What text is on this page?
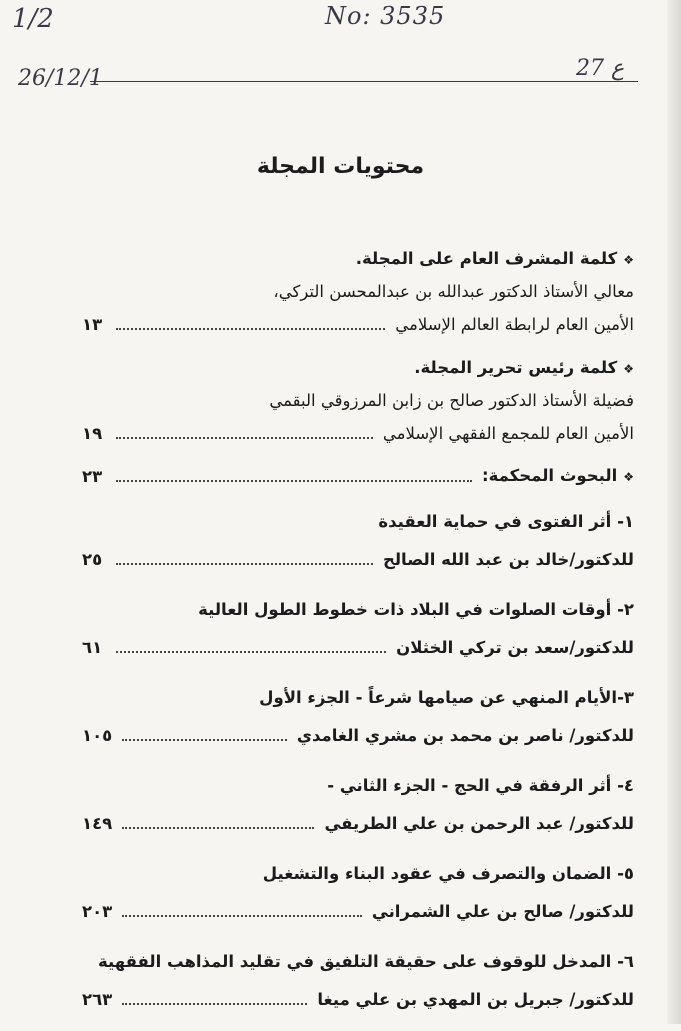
1/2	No: 3535
26/12/1	27 ع
محتويات المجلة
❖كلمة المشرف العام على المجلة.
معالي الأستاذ الدكتور عبدالله بن عبدالمحسن التركي،
الأمين العام لرابطة العالم الإسلامي
١٣
❖كلمة رئيس تحرير المجلة.
فضيلة الأستاذ الدكتور صالح بن زابن المرزوقي البقمي
الأمين العام للمجمع الفقهي الإسلامي
١٩
❖البحوث المحكمة:
٢٣
١- أثر الفتوى في حماية العقيدة
للدكتور/خالد بن عبد الله الصالح
٢٥
٢- أوقات الصلوات في البلاد ذات خطوط الطول العالية
للدكتور/سعد بن تركي الخثلان
٦١
٣-الأيام المنهي عن صيامها شرعاً - الجزء الأول
للدكتور/ ناصر بن محمد بن مشري الغامدي
١٠٥
٤- أثر الرفقة في الحج - الجزء الثاني -
للدكتور/ عبد الرحمن بن علي الطريفي
١٤٩
٥- الضمان والتصرف في عقود البناء والتشغيل
للدكتور/ صالح بن علي الشمراني
٢٠٣
٦- المدخل للوقوف على حقيقة التلفيق في تقليد المذاهب الفقهية
للدكتور/ جبريل بن المهدي بن علي ميغا
٢٦٣
